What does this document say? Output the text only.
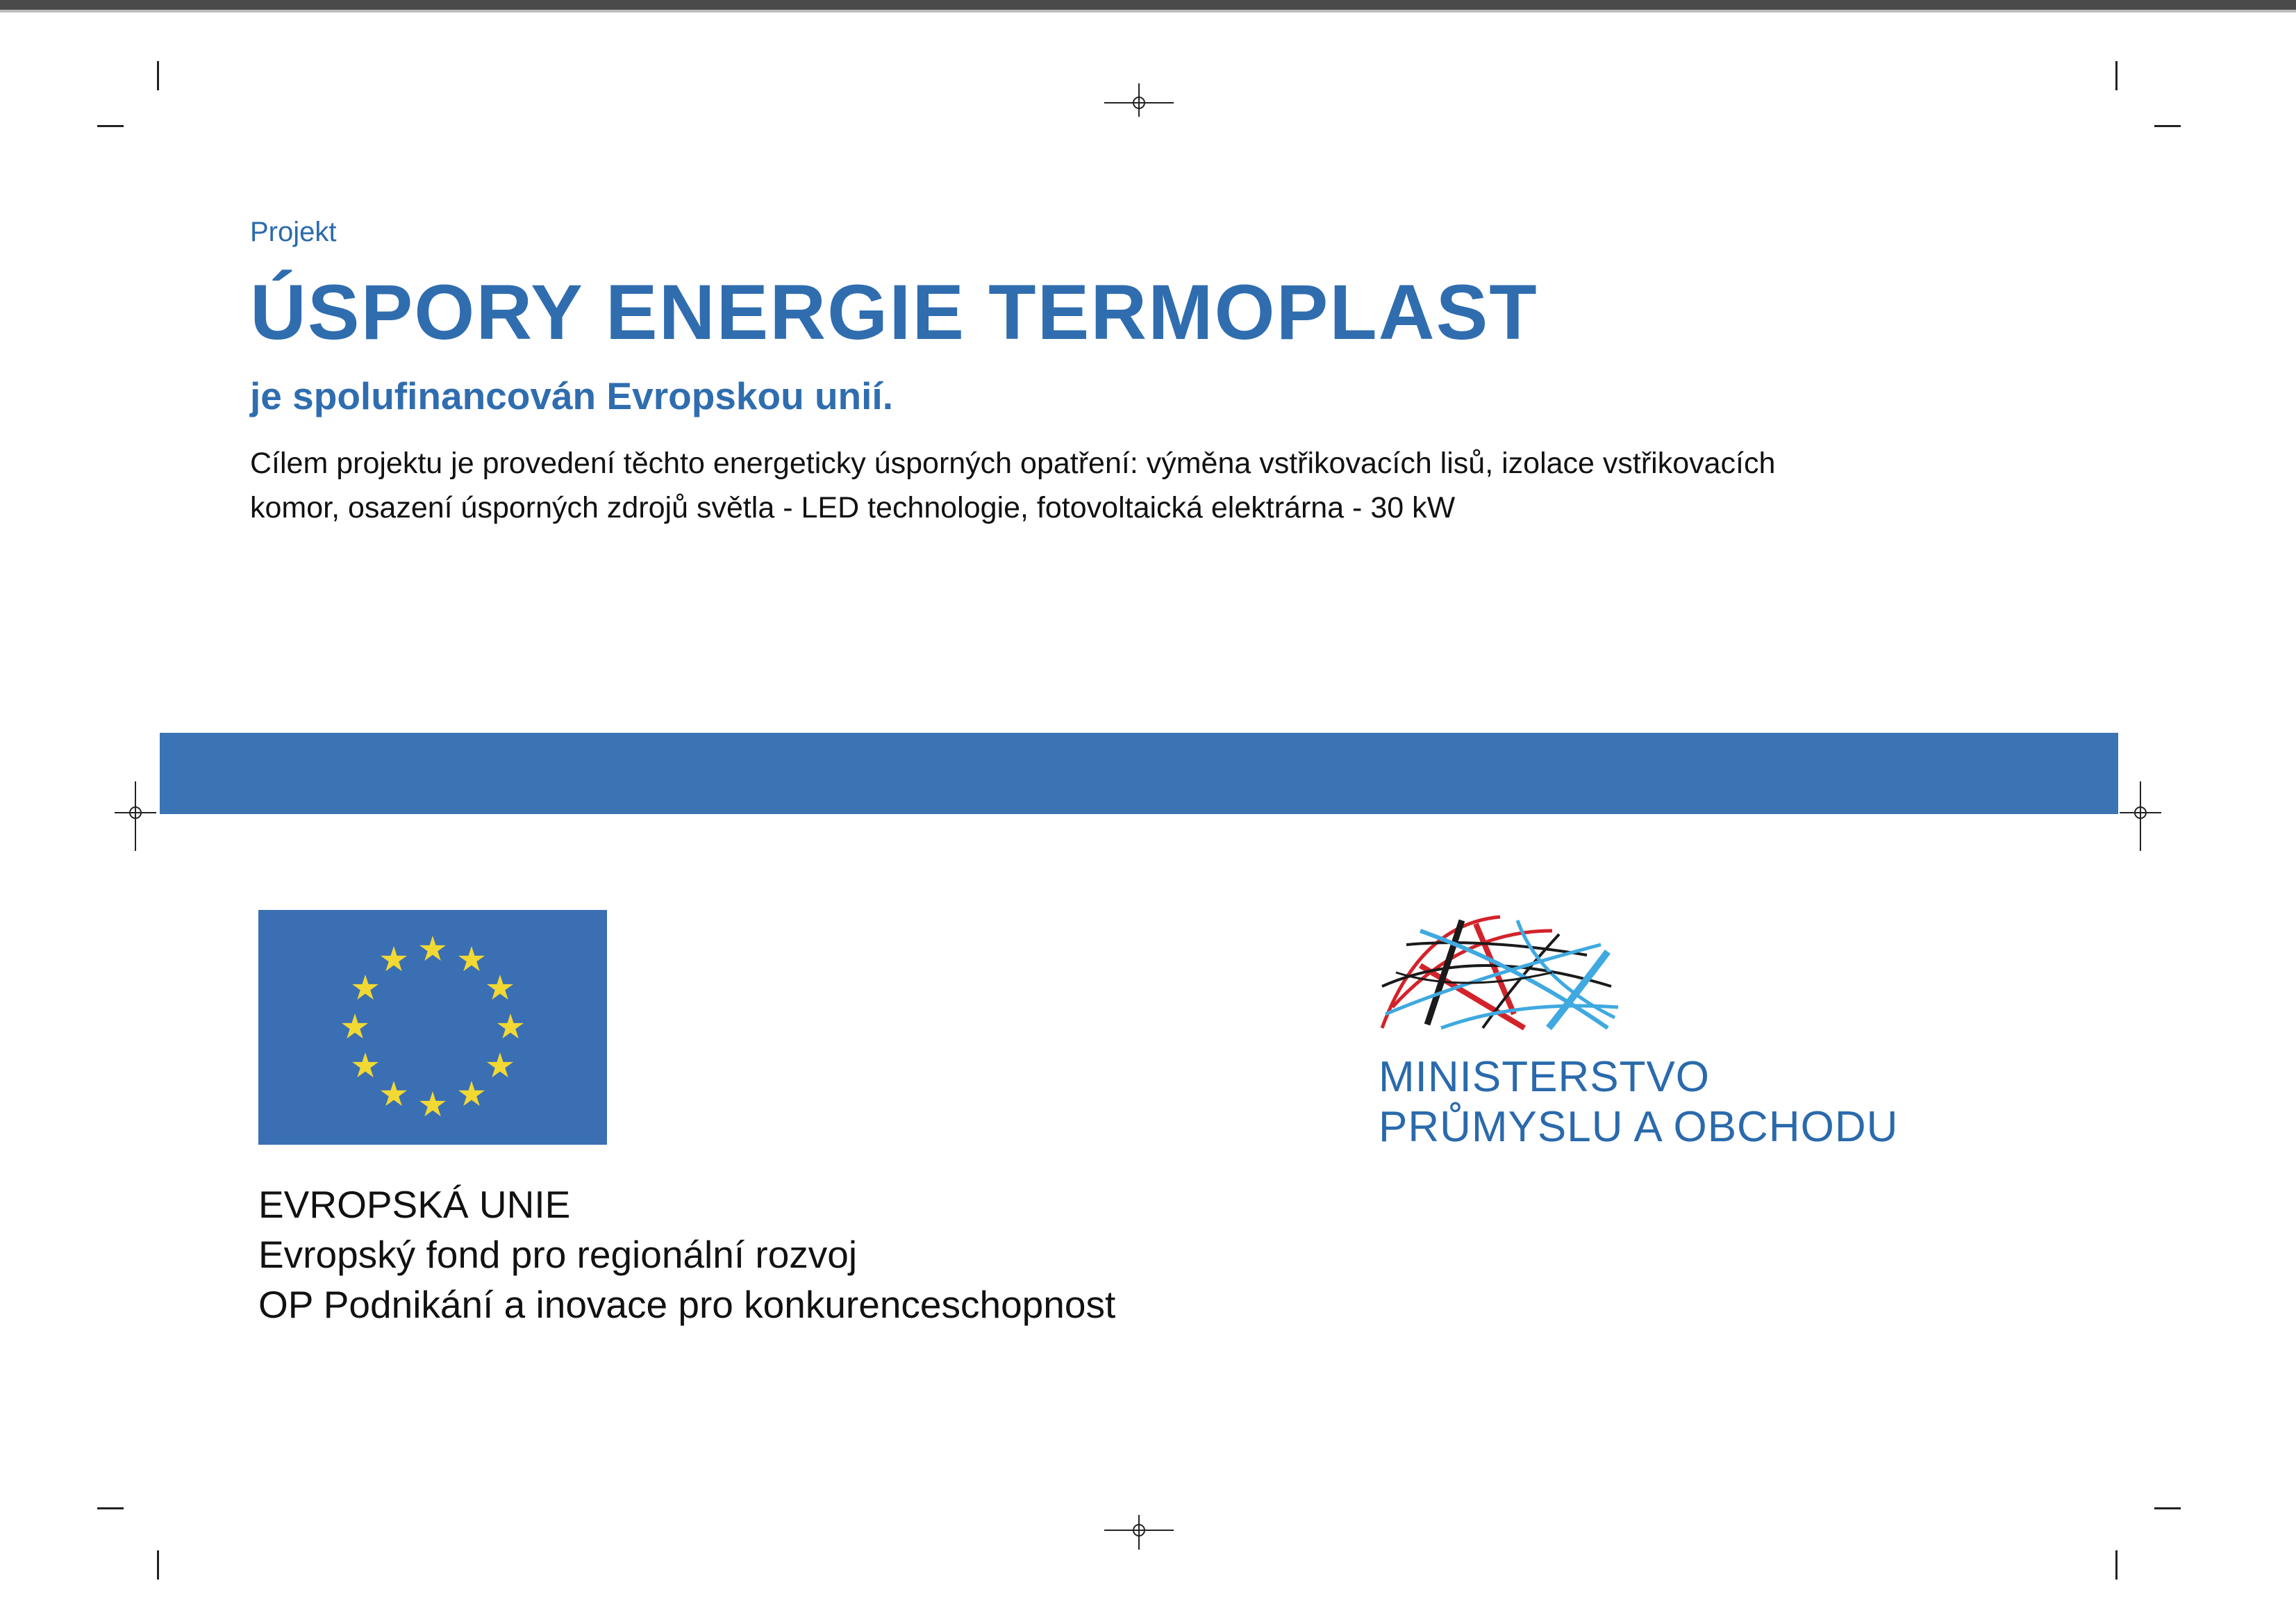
Projekt
ÚSPORY ENERGIE TERMOPLAST
je spolufinancován Evropskou unií.
Cílem projektu je provedení těchto energeticky úsporných opatření: výměna vstřikovacích lisů, izolace vstřikovacích
komor, osazení úsporných zdrojů světla - LED technologie, fotovoltaická elektrárna - 30 kW
EVROPSKÁ UNIE
Evropský fond pro regionální rozvoj
OP Podnikání a inovace pro konkurenceschopnost
MINISTERSTVO
PRŮMYSLU A OBCHODU
